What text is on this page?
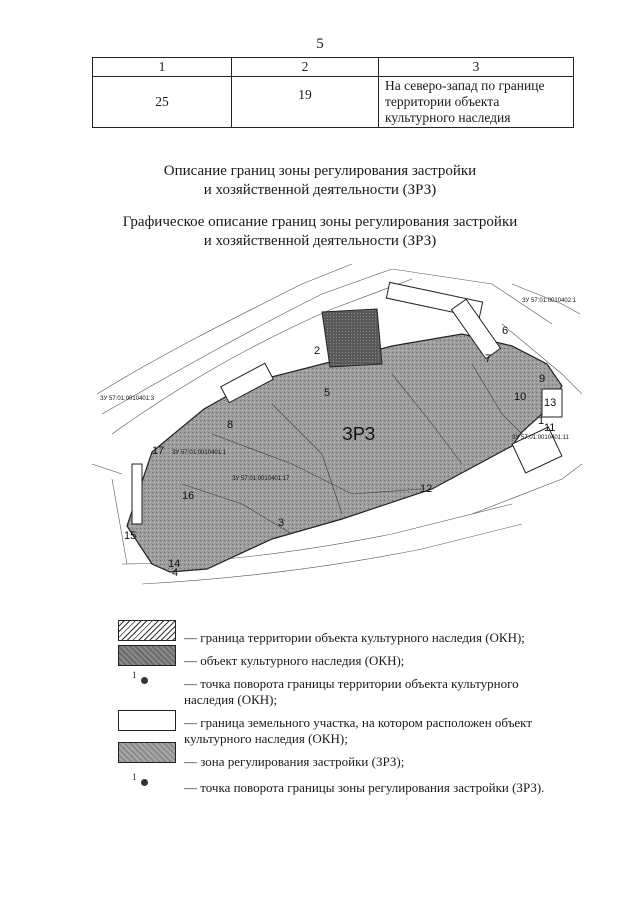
5
1	2	3
25	19	На северо-запад по границе территории объекта культурного наследия
Описание границ зоны регулирования застройки
и хозяйственной деятельности (ЗРЗ)
Графическое описание границ зоны регулирования застройки
и хозяйственной деятельности (ЗРЗ)
ЗРЗ
ЗУ 57:01:0010402:1
ЗУ 57:01:0010401:3
ЗУ 57:01:0010401:1
ЗУ 57:01:0010401:17
ЗУ 57:01:0010401:11
1
2
3
4
5
6
7
8
9
10
11
12
13
14
15
16
17
— граница территории объекта культурного наследия (ОКН);
— объект культурного наследия (ОКН);
1
— точка поворота границы территории объекта культурного наследия (ОКН);
— граница земельного участка, на котором расположен объект культурного наследия (ОКН);
— зона регулирования застройки (ЗРЗ);
1
— точка поворота границы зоны регулирования застройки (ЗРЗ).
